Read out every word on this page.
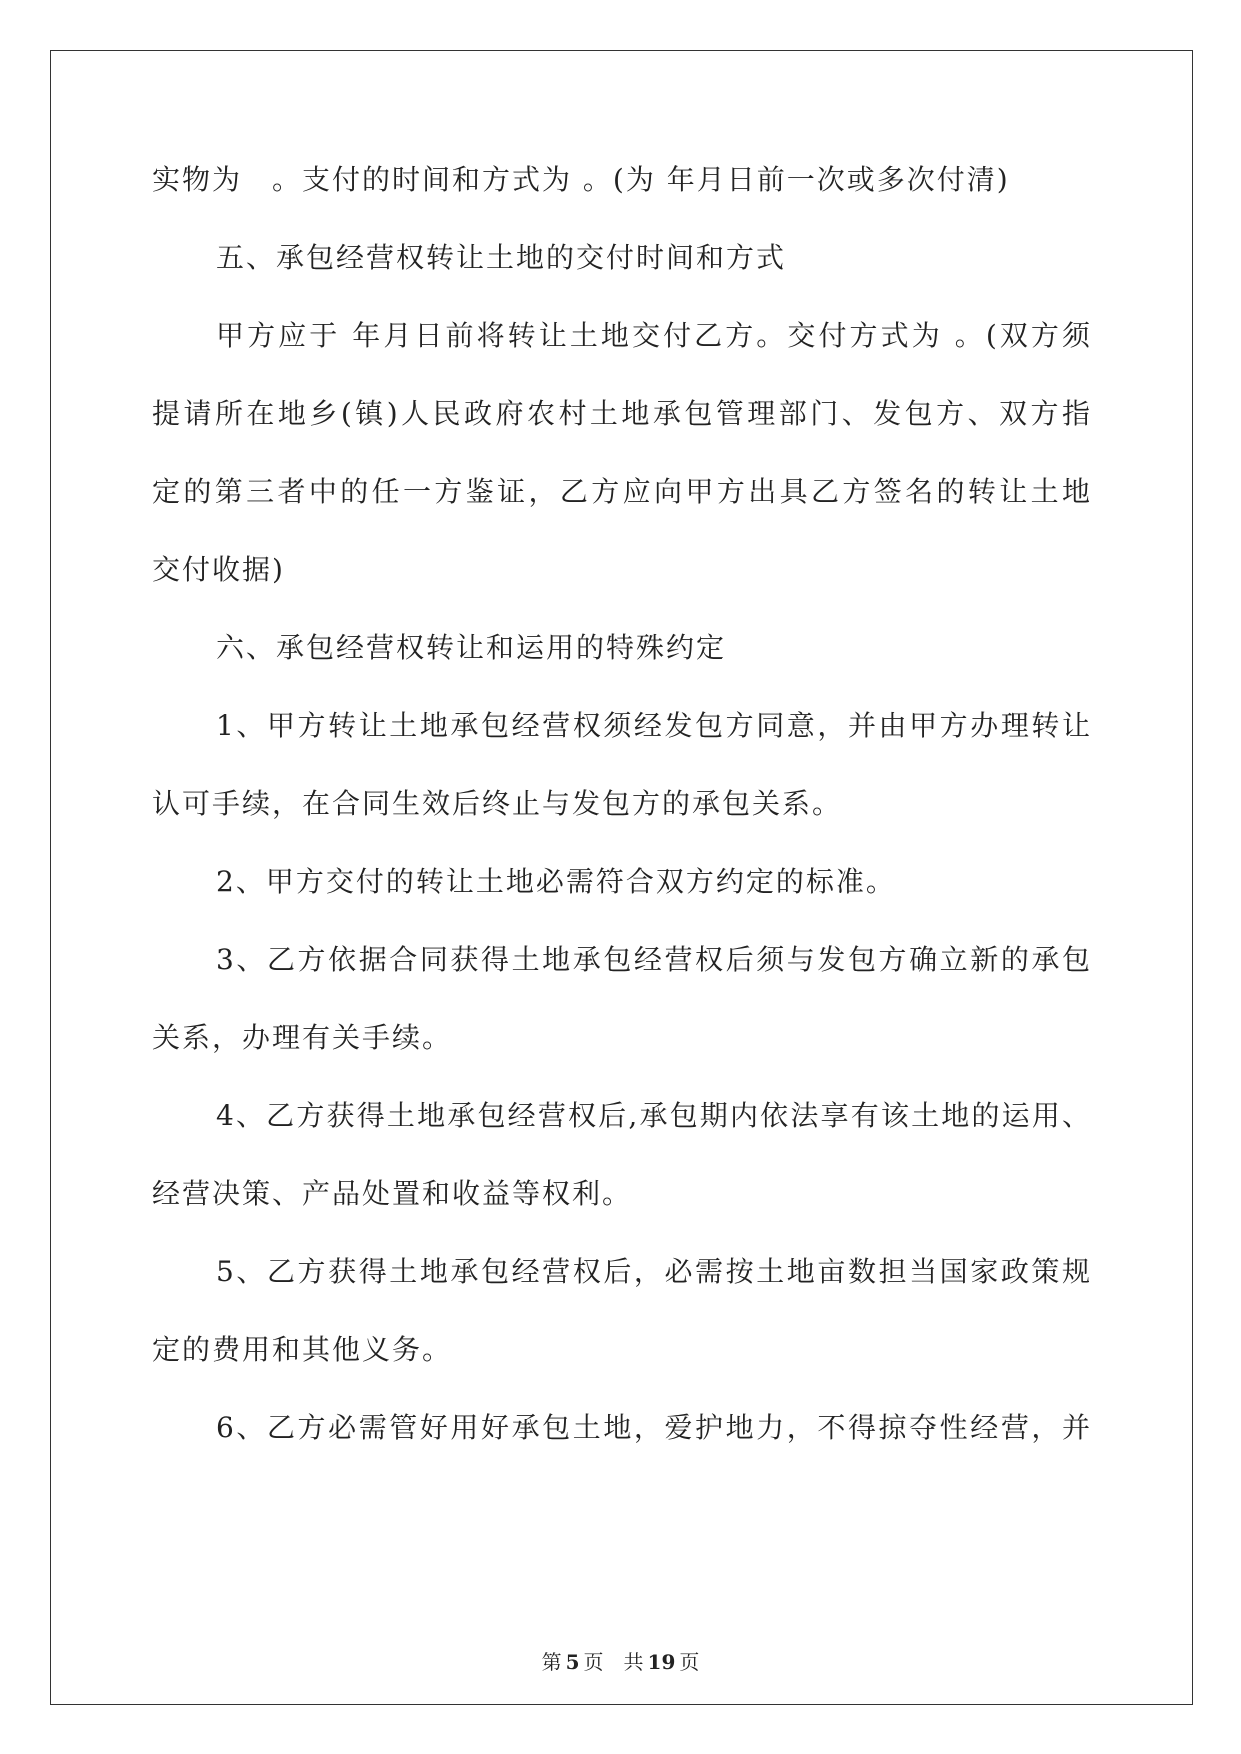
实物为　。支付的时间和方式为 。(为 年月日前一次或多次付清)
五、承包经营权转让土地的交付时间和方式
甲方应于 年月日前将转让土地交付乙方。交付方式为 。(双方须
提请所在地乡(镇)人民政府农村土地承包管理部门、发包方、双方指
定的第三者中的任一方鉴证，乙方应向甲方出具乙方签名的转让土地
交付收据)
六、承包经营权转让和运用的特殊约定
1、甲方转让土地承包经营权须经发包方同意，并由甲方办理转让
认可手续，在合同生效后终止与发包方的承包关系。
2、甲方交付的转让土地必需符合双方约定的标准。
3、乙方依据合同获得土地承包经营权后须与发包方确立新的承包
关系，办理有关手续。
4、乙方获得土地承包经营权后,承包期内依法享有该土地的运用、
经营决策、产品处置和收益等权利。
5、乙方获得土地承包经营权后，必需按土地亩数担当国家政策规
定的费用和其他义务。
6、乙方必需管好用好承包土地，爱护地力，不得掠夺性经营，并
第 5 页 共 19 页
